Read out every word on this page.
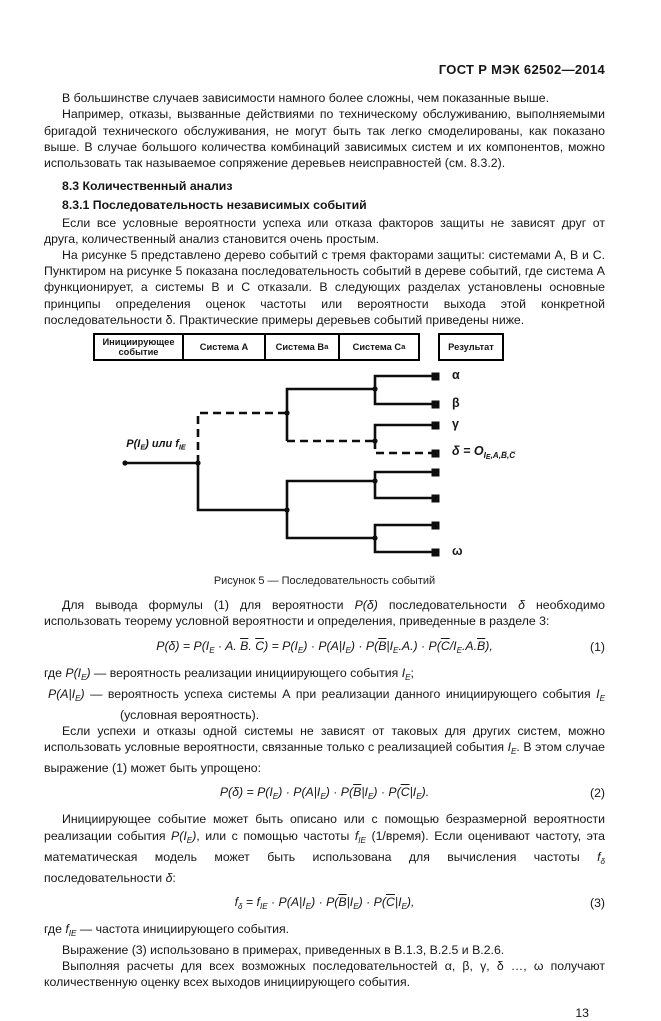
ГОСТ Р МЭК 62502—2014

В большинстве случаев зависимости намного более сложны, чем показанные выше.

Например, отказы, вызванные действиями по техническому обслуживанию, выполняемыми бригадой технического обслуживания, не могут быть так легко смоделированы, как показано выше. В случае большого количества комбинаций зависимых систем и их компонентов, можно использовать так называемое сопряжение деревьев неисправностей (см. 8.3.2).

8.3 Количественный анализ

8.3.1 Последовательность независимых событий

Если все условные вероятности успеха или отказа факторов защиты не зависят друг от друга, количественный анализ становится очень простым.

На рисунке 5 представлено дерево событий с тремя факторами защиты: системами А, В и С. Пунктиром на рисунке 5 показана последовательность событий в дереве событий, где система А функционирует, а системы В и С отказали. В следующих разделах установлены основные принципы определения оценок частоты или вероятности выхода этой конкретной последовательности δ. Практические примеры деревьев событий приведены ниже.

Инициирующее событие	Система А	Система В а	Система С а	Результат
$P(I_E)$ или $f_{IE}$
α
β
γ
$\delta = O_{IE,A,B̅,C̅}$
ω
Рисунок 5 — Последовательность событий

Для вывода формулы (1) для вероятности P(δ) последовательности δ необходимо использовать теорему условной вероятности и определения, приведенные в разделе 3:

$P(\delta) = P(I_E \cdot A$. $\overline{B}$. $\overline{C}) = P(I_E) \cdot P(A|I_E) \cdot P(\overline{B}|I_E.A.) \cdot P(\overline{C}/I_E.A.\overline{B})$,	(1)

где $P(I_E)$ — вероятность реализации инициирующего события $I_E$;

$P(A|I_E)$ — вероятность успеха системы А при реализации данного инициирующего события $I_E$ (условная вероятность).

Если успехи и отказы одной системы не зависят от таковых для других систем, можно использовать условные вероятности, связанные только с реализацией события $I_E$. В этом случае выражение (1) может быть упрощено:

$P(\delta) = P(I_E) \cdot P(A|I_E) \cdot P(\overline{B}|I_E) \cdot P(\overline{C}|I_E)$.	(2)

Инициирующее событие может быть описано или с помощью безразмерной вероятности реализации события $P(I_E)$, или с помощью частоты $f_{IE}$ (1/время). Если оценивают частоту, эта математическая модель может быть использована для вычисления частоты $f_\delta$ последовательности δ:

$f_\delta = f_{IE} \cdot P(A|I_E) \cdot P(\overline{B}|I_E) \cdot P(\overline{C}|I_E)$,	(3)

где $f_{IE}$ — частота инициирующего события.

Выражение (3) использовано в примерах, приведенных в В.1.3, В.2.5 и В.2.6.

Выполняя расчеты для всех возможных последовательностей α, β, γ, δ …, ω получают количественную оценку всех выходов инициирующего события.

13
